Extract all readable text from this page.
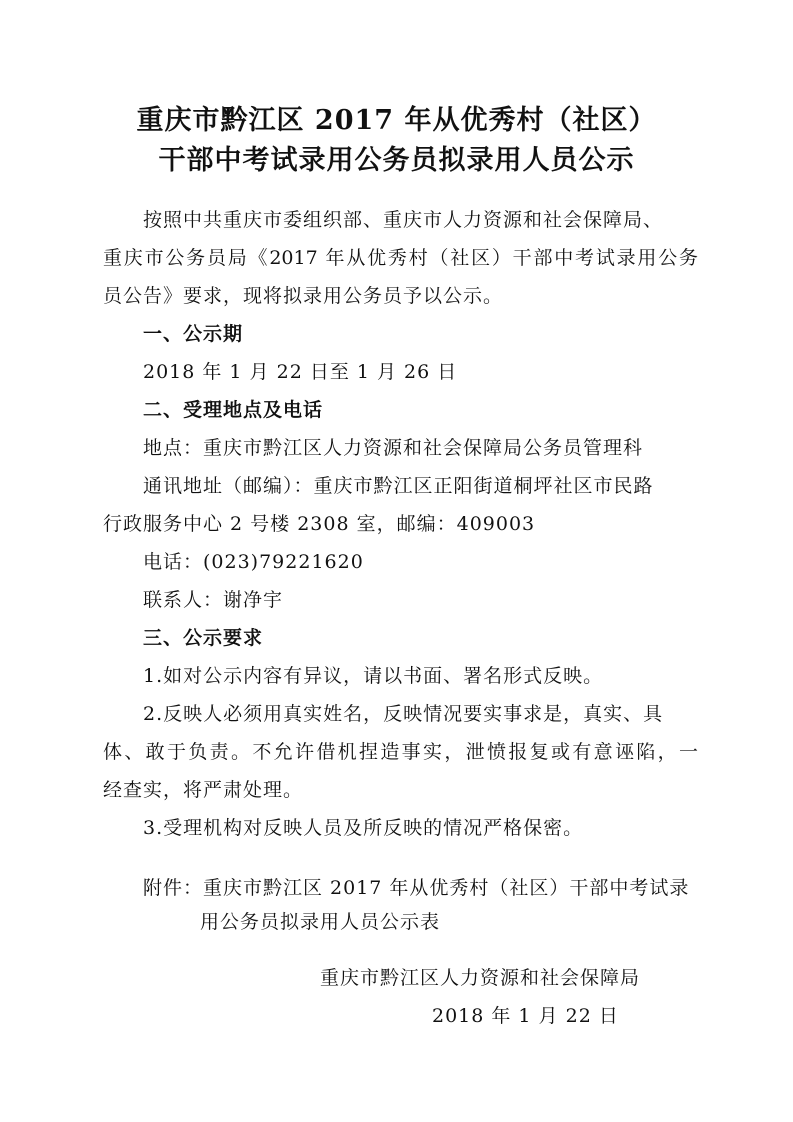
重庆市黔江区 2017 年从优秀村（社区）
干部中考试录用公务员拟录用人员公示
按照中共重庆市委组织部、重庆市人力资源和社会保障局、
重庆市公务员局《2017 年从优秀村（社区）干部中考试录用公务
员公告》要求，现将拟录用公务员予以公示。
一、公示期
2018 年 1 月 22 日至 1 月 26 日
二、受理地点及电话
地点：重庆市黔江区人力资源和社会保障局公务员管理科
通讯地址（邮编）：重庆市黔江区正阳街道桐坪社区市民路
行政服务中心 2 号楼 2308 室，邮编：409003
电话：(023)79221620
联系人：谢净宇
三、公示要求
1.如对公示内容有异议，请以书面、署名形式反映。
2.反映人必须用真实姓名，反映情况要实事求是，真实、具
体、敢于负责。不允许借机捏造事实，泄愤报复或有意诬陷，一
经查实，将严肃处理。
3.受理机构对反映人员及所反映的情况严格保密。
附件：重庆市黔江区 2017 年从优秀村（社区）干部中考试录
用公务员拟录用人员公示表
重庆市黔江区人力资源和社会保障局
2018 年 1 月 22 日
